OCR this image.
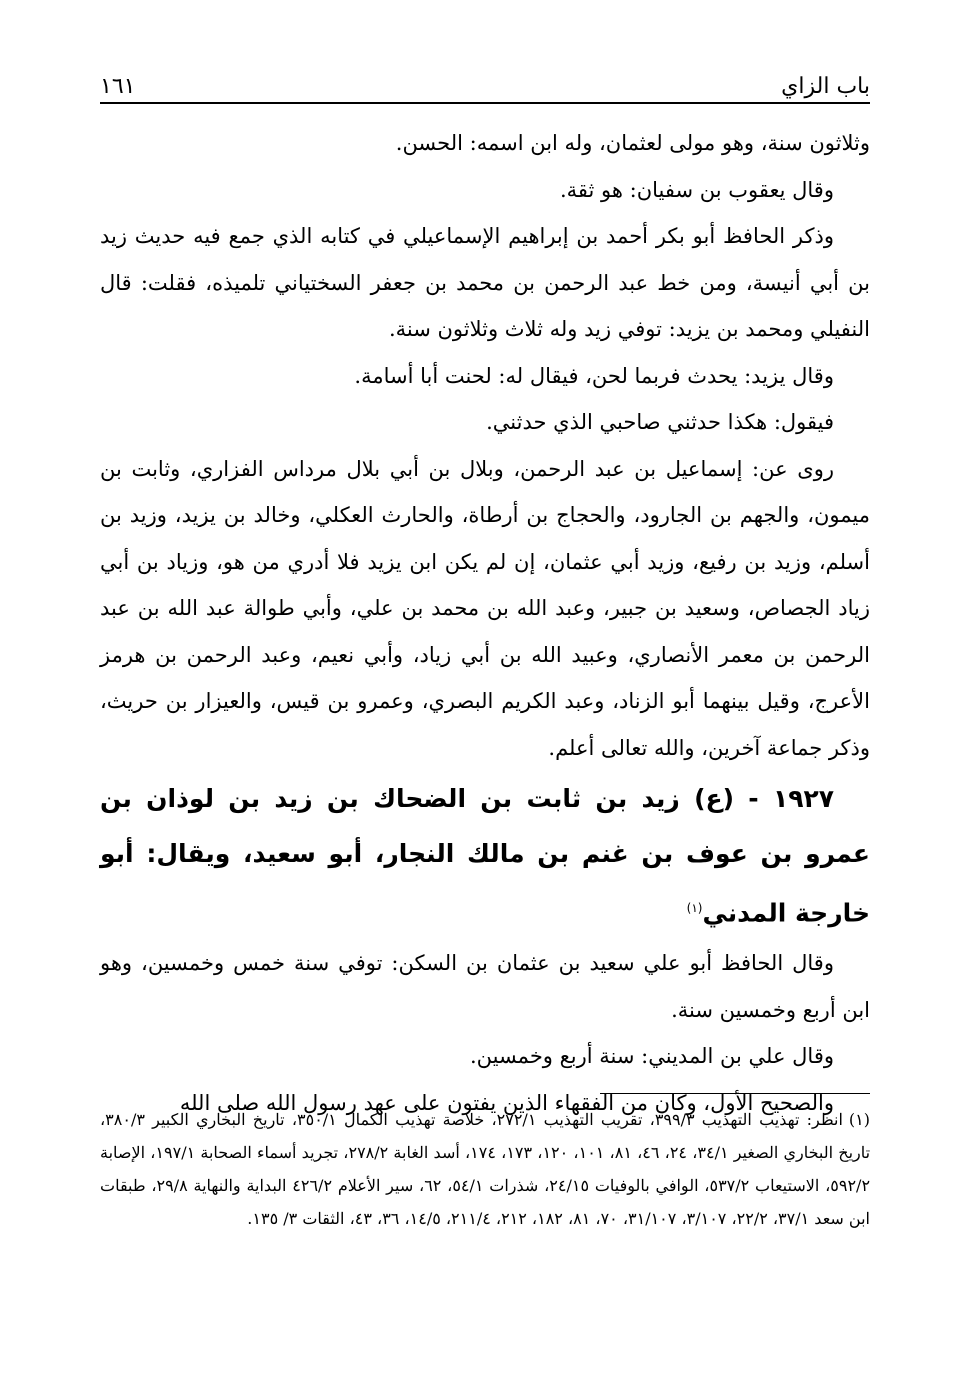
باب الزاي
١٦١

وثلاثون سنة، وهو مولى لعثمان، وله ابن اسمه: الحسن.

وقال يعقوب بن سفيان: هو ثقة.

وذكر الحافظ أبو بكر أحمد بن إبراهيم الإسماعيلي في كتابه الذي جمع فيه حديث زيد بن أبي أنيسة، ومن خط عبد الرحمن بن محمد بن جعفر السختياني تلميذه، فقلت: قال النفيلي ومحمد بن يزيد: توفي زيد وله ثلاث وثلاثون سنة.

وقال يزيد: يحدث فربما لحن، فيقال له: لحنت أبا أسامة.

فيقول: هكذا حدثني صاحبي الذي حدثني.

روى عن: إسماعيل بن عبد الرحمن، وبلال بن أبي بلال مرداس الفزاري، وثابت بن ميمون، والجهم بن الجارود، والحجاج بن أرطاة، والحارث العكلي، وخالد بن يزيد، وزيد بن أسلم، وزيد بن رفيع، وزيد أبي عثمان، إن لم يكن ابن يزيد فلا أدري من هو، وزياد بن أبي زياد الجصاص، وسعيد بن جبير، وعبد الله بن محمد بن علي، وأبي طوالة عبد الله بن عبد الرحمن بن معمر الأنصاري، وعبيد الله بن أبي زياد، وأبي نعيم، وعبد الرحمن بن هرمز الأعرج، وقيل بينهما أبو الزناد، وعبد الكريم البصري، وعمرو بن قيس، والعيزار بن حريث، وذكر جماعة آخرين، والله تعالى أعلم.

١٩٢٧ - (ع) زيد بن ثابت بن الضحاك بن زيد بن لوذان بن عمرو بن عوف بن غنم بن مالك النجار، أبو سعيد، ويقال: أبو خارجة المدني$^{(١)}$

وقال الحافظ أبو علي سعيد بن عثمان بن السكن: توفي سنة خمس وخمسين، وهو ابن أربع وخمسين سنة.

وقال علي بن المديني: سنة أربع وخمسين.

والصحيح الأول، وكان من الفقهاء الذين يفتون على عهد رسول الله صلى الله

(١)انظر: تهذيب التهذيب ٣٩٩/٣، تقريب التهذيب ٢٧٢/١، خلاصة تهذيب الكمال ٣٥٠/١، تاريخ البخاري الكبير ٣٨٠/٣، تاريخ البخاري الصغير ٣٤/١، ٢٤، ٤٦، ٨١، ١٠١، ١٢٠، ١٧٣، ١٧٤، أسد الغابة ٢٧٨/٢، تجريد أسماء الصحابة ١٩٧/١، الإصابة ٥٩٢/٢، الاستيعاب ٥٣٧/٢، الوافي بالوفيات ٢٤/١٥، شذرات ٥٤/١، ٦٢، سير الأعلام ٤٢٦/٢ البداية والنهاية ٢٩/٨، طبقات ابن سعد ٣٧/١، ٢٢/٢، ٣/١٠٧، ٣١/١٠٧، ٧٠، ٨١، ١٨٢، ٢١٢، ٢١١/٤، ١٤/٥، ٣٦، ٤٣، الثقات ٣/ ١٣٥.
